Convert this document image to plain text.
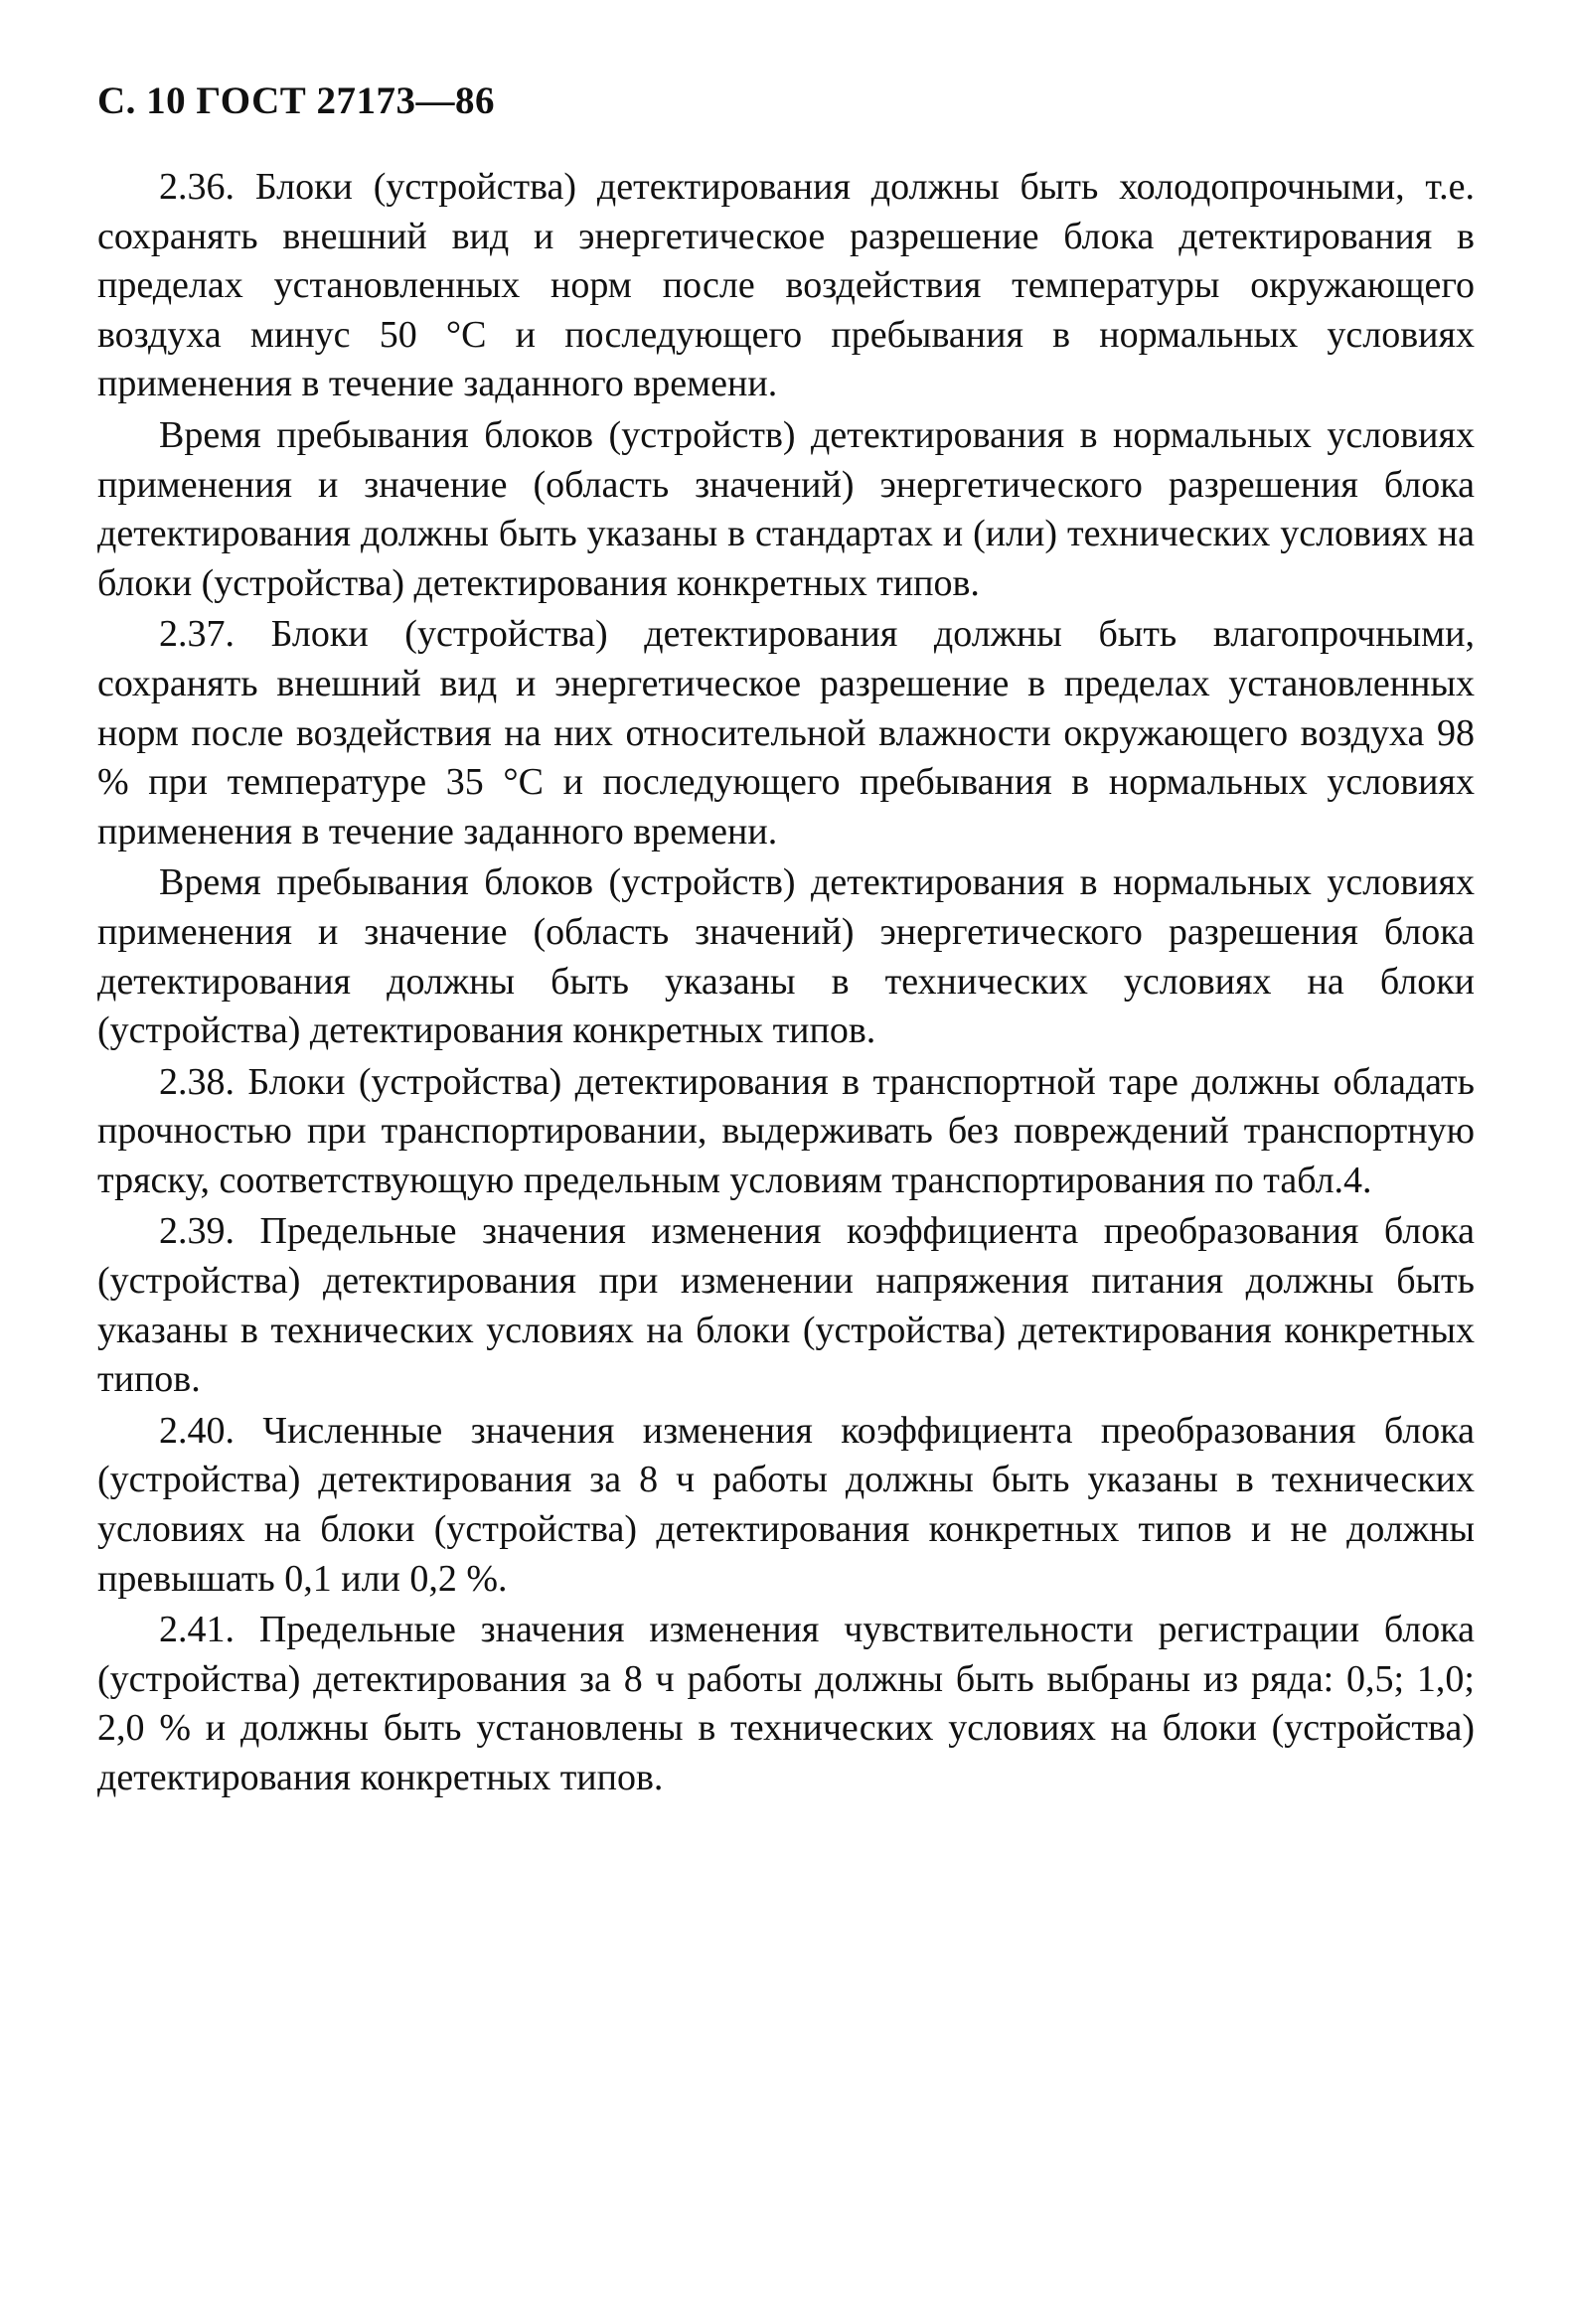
С. 10 ГОСТ 27173—86

2.36. Блоки (устройства) детектирования должны быть холодопрочными, т.е. сохранять внешний вид и энергетическое разрешение блока детектирования в пределах установленных норм после воздействия температуры окружающего воздуха минус 50 °С и последующего пребывания в нормальных условиях применения в течение заданного времени.

Время пребывания блоков (устройств) детектирования в нормальных условиях применения и значение (область значений) энергетического разрешения блока детектирования должны быть указаны в стандартах и (или) технических условиях на блоки (устройства) детектирования конкретных типов.

2.37. Блоки (устройства) детектирования должны быть влагопрочными, сохранять внешний вид и энергетическое разрешение в пределах установленных норм после воздействия на них относительной влажности окружающего воздуха 98 % при температуре 35 °С и последующего пребывания в нормальных условиях применения в течение заданного времени.

Время пребывания блоков (устройств) детектирования в нормальных условиях применения и значение (область значений) энергетического разрешения блока детектирования должны быть указаны в технических условиях на блоки (устройства) детектирования конкретных типов.

2.38. Блоки (устройства) детектирования в транспортной таре должны обладать прочностью при транспортировании, выдерживать без повреждений транспортную тряску, соответствующую предельным условиям транспортирования по табл.4.

2.39. Предельные значения изменения коэффициента преобразования блока (устройства) детектирования при изменении напряжения питания должны быть указаны в технических условиях на блоки (устройства) детектирования конкретных типов.

2.40. Численные значения изменения коэффициента преобразования блока (устройства) детектирования за 8 ч работы должны быть указаны в технических условиях на блоки (устройства) детектирования конкретных типов и не должны превышать 0,1 или 0,2 %.

2.41. Предельные значения изменения чувствительности регистрации блока (устройства) детектирования за 8 ч работы должны быть выбраны из ряда: 0,5; 1,0; 2,0 % и должны быть установлены в технических условиях на блоки (устройства) детектирования конкретных типов.
